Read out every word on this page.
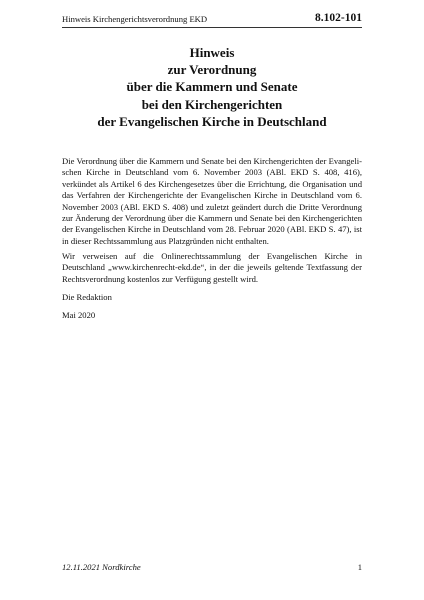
Hinweis Kirchengerichtsverordnung EKD	8.102-101
Hinweis
zur Verordnung
über die Kammern und Senate
bei den Kirchengerichten
der Evangelischen Kirche in Deutschland

Die Verordnung über die Kammern und Senate bei den Kirchengerichten der Evangelischen Kirche in Deutschland vom 6. November 2003 (ABl. EKD S. 408, 416), verkündet als Artikel 6 des Kirchengesetzes über die Errichtung, die Organisation und das Verfahren der Kirchengerichte der Evangelischen Kirche in Deutschland vom 6. November 2003 (ABl. EKD S. 408) und zuletzt geändert durch die Dritte Verordnung zur Änderung der Verordnung über die Kammern und Senate bei den Kirchengerichten der Evangelischen Kirche in Deutschland vom 28. Februar 2020 (ABl. EKD S. 47), ist in dieser Rechtssammlung aus Platzgründen nicht enthalten.

Wir verweisen auf die Onlinerechtssammlung der Evangelischen Kirche in Deutschland „www.kirchenrecht-ekd.de“, in der die jeweils geltende Textfassung der Rechtsverordnung kostenlos zur Verfügung gestellt wird.

Die Redaktion

Mai 2020

12.11.2021 Nordkirche	1
